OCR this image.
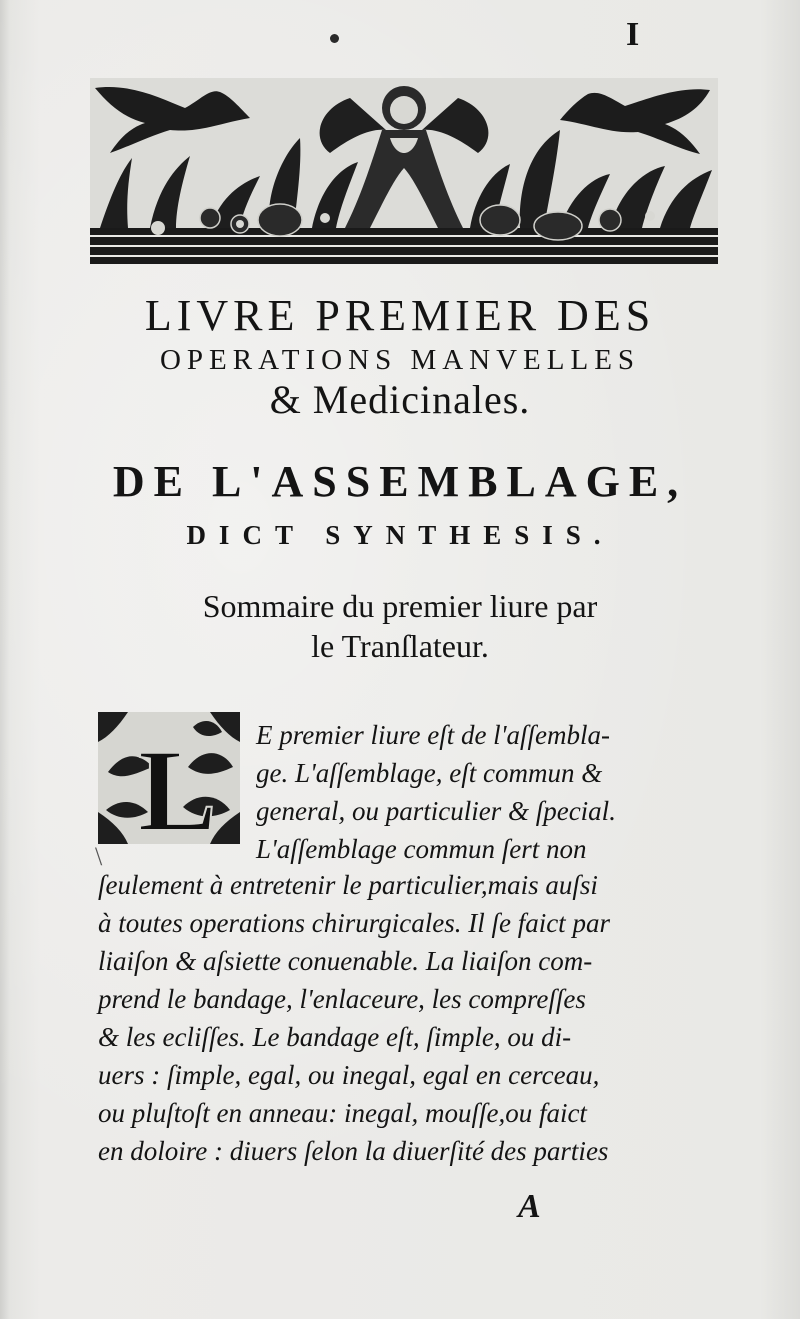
I
LIVRE PREMIER DES
OPERATIONS MANVELLES
& Medicinales.
DE L'ASSEMBLAGE,
DICT SYNTHESIS.
Sommaire du premier liure par
le Tranſlateur.
L
\
E premier liure eſt de l'aſſembla-
ge. L'aſſemblage, eſt commun &
general, ou particulier & ſpecial.
L'aſſemblage commun ſert non
ſeulement à entretenir le particulier,mais auſsi
à toutes operations chirurgicales. Il ſe faict par
liaiſon & aſsiette conuenable. La liaiſon com-
prend le bandage, l'enlaceure, les compreſſes
& les ecliſſes. Le bandage eſt, ſimple, ou di-
uers : ſimple, egal, ou inegal, egal en cerceau,
ou pluſtoſt en anneau: inegal, mouſſe,ou faict
en doloire : diuers ſelon la diuerſité des parties
A
